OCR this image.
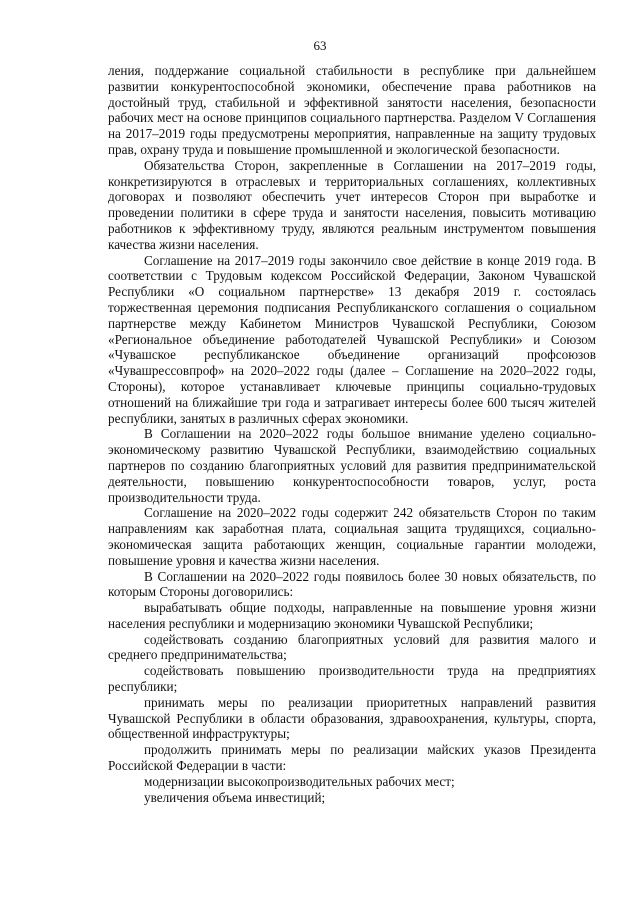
63

ления, поддержание социальной стабильности в республике при дальнейшем развитии конкурентоспособной экономики, обеспечение права работников на достойный труд, стабильной и эффективной занятости населения, безопасности рабочих мест на основе принципов социального партнерства. Разделом V Соглашения на 2017–2019 годы предусмотрены мероприятия, направленные на защиту трудовых прав, охрану труда и повышение промышленной и экологической безопасности.

Обязательства Сторон, закрепленные в Соглашении на 2017–2019 годы, конкретизируются в отраслевых и территориальных соглашениях, коллективных договорах и позволяют обеспечить учет интересов Сторон при выработке и проведении политики в сфере труда и занятости населения, повысить мотивацию работников к эффективному труду, являются реальным инструментом повышения качества жизни населения.

Соглашение на 2017–2019 годы закончило свое действие в конце 2019 года. В соответствии с Трудовым кодексом Российской Федерации, Законом Чувашской Республики «О социальном партнерстве» 13 декабря 2019 г. состоялась торжественная церемония подписания Республиканского соглашения о социальном партнерстве между Кабинетом Министров Чувашской Республики, Союзом «Региональное объединение работодателей Чувашской Республики» и Союзом «Чувашское республиканское объединение организаций профсоюзов «Чувашрессовпроф» на 2020–2022 годы (далее – Соглашение на 2020–2022 годы, Стороны), которое устанавливает ключевые принципы социально-трудовых отношений на ближайшие три года и затрагивает интересы более 600 тысяч жителей республики, занятых в различных сферах экономики.

В Соглашении на 2020–2022 годы большое внимание уделено социально-экономическому развитию Чувашской Республики, взаимодействию социальных партнеров по созданию благоприятных условий для развития предпринимательской деятельности, повышению конкурентоспособности товаров, услуг, роста производительности труда.

Соглашение на 2020–2022 годы содержит 242 обязательств Сторон по таким направлениям как заработная плата, социальная защита трудящихся, социально-экономическая защита работающих женщин, социальные гарантии молодежи, повышение уровня и качества жизни населения.

В Соглашении на 2020–2022 годы появилось более 30 новых обязательств, по которым Стороны договорились:

вырабатывать общие подходы, направленные на повышение уровня жизни населения республики и модернизацию экономики Чувашской Республики;

содействовать созданию благоприятных условий для развития малого и среднего предпринимательства;

содействовать повышению производительности труда на предприятиях республики;

принимать меры по реализации приоритетных направлений развития Чувашской Республики в области образования, здравоохранения, культуры, спорта, общественной инфраструктуры;

продолжить принимать меры по реализации майских указов Президента Российской Федерации в части:

модернизации высокопроизводительных рабочих мест;

увеличения объема инвестиций;
